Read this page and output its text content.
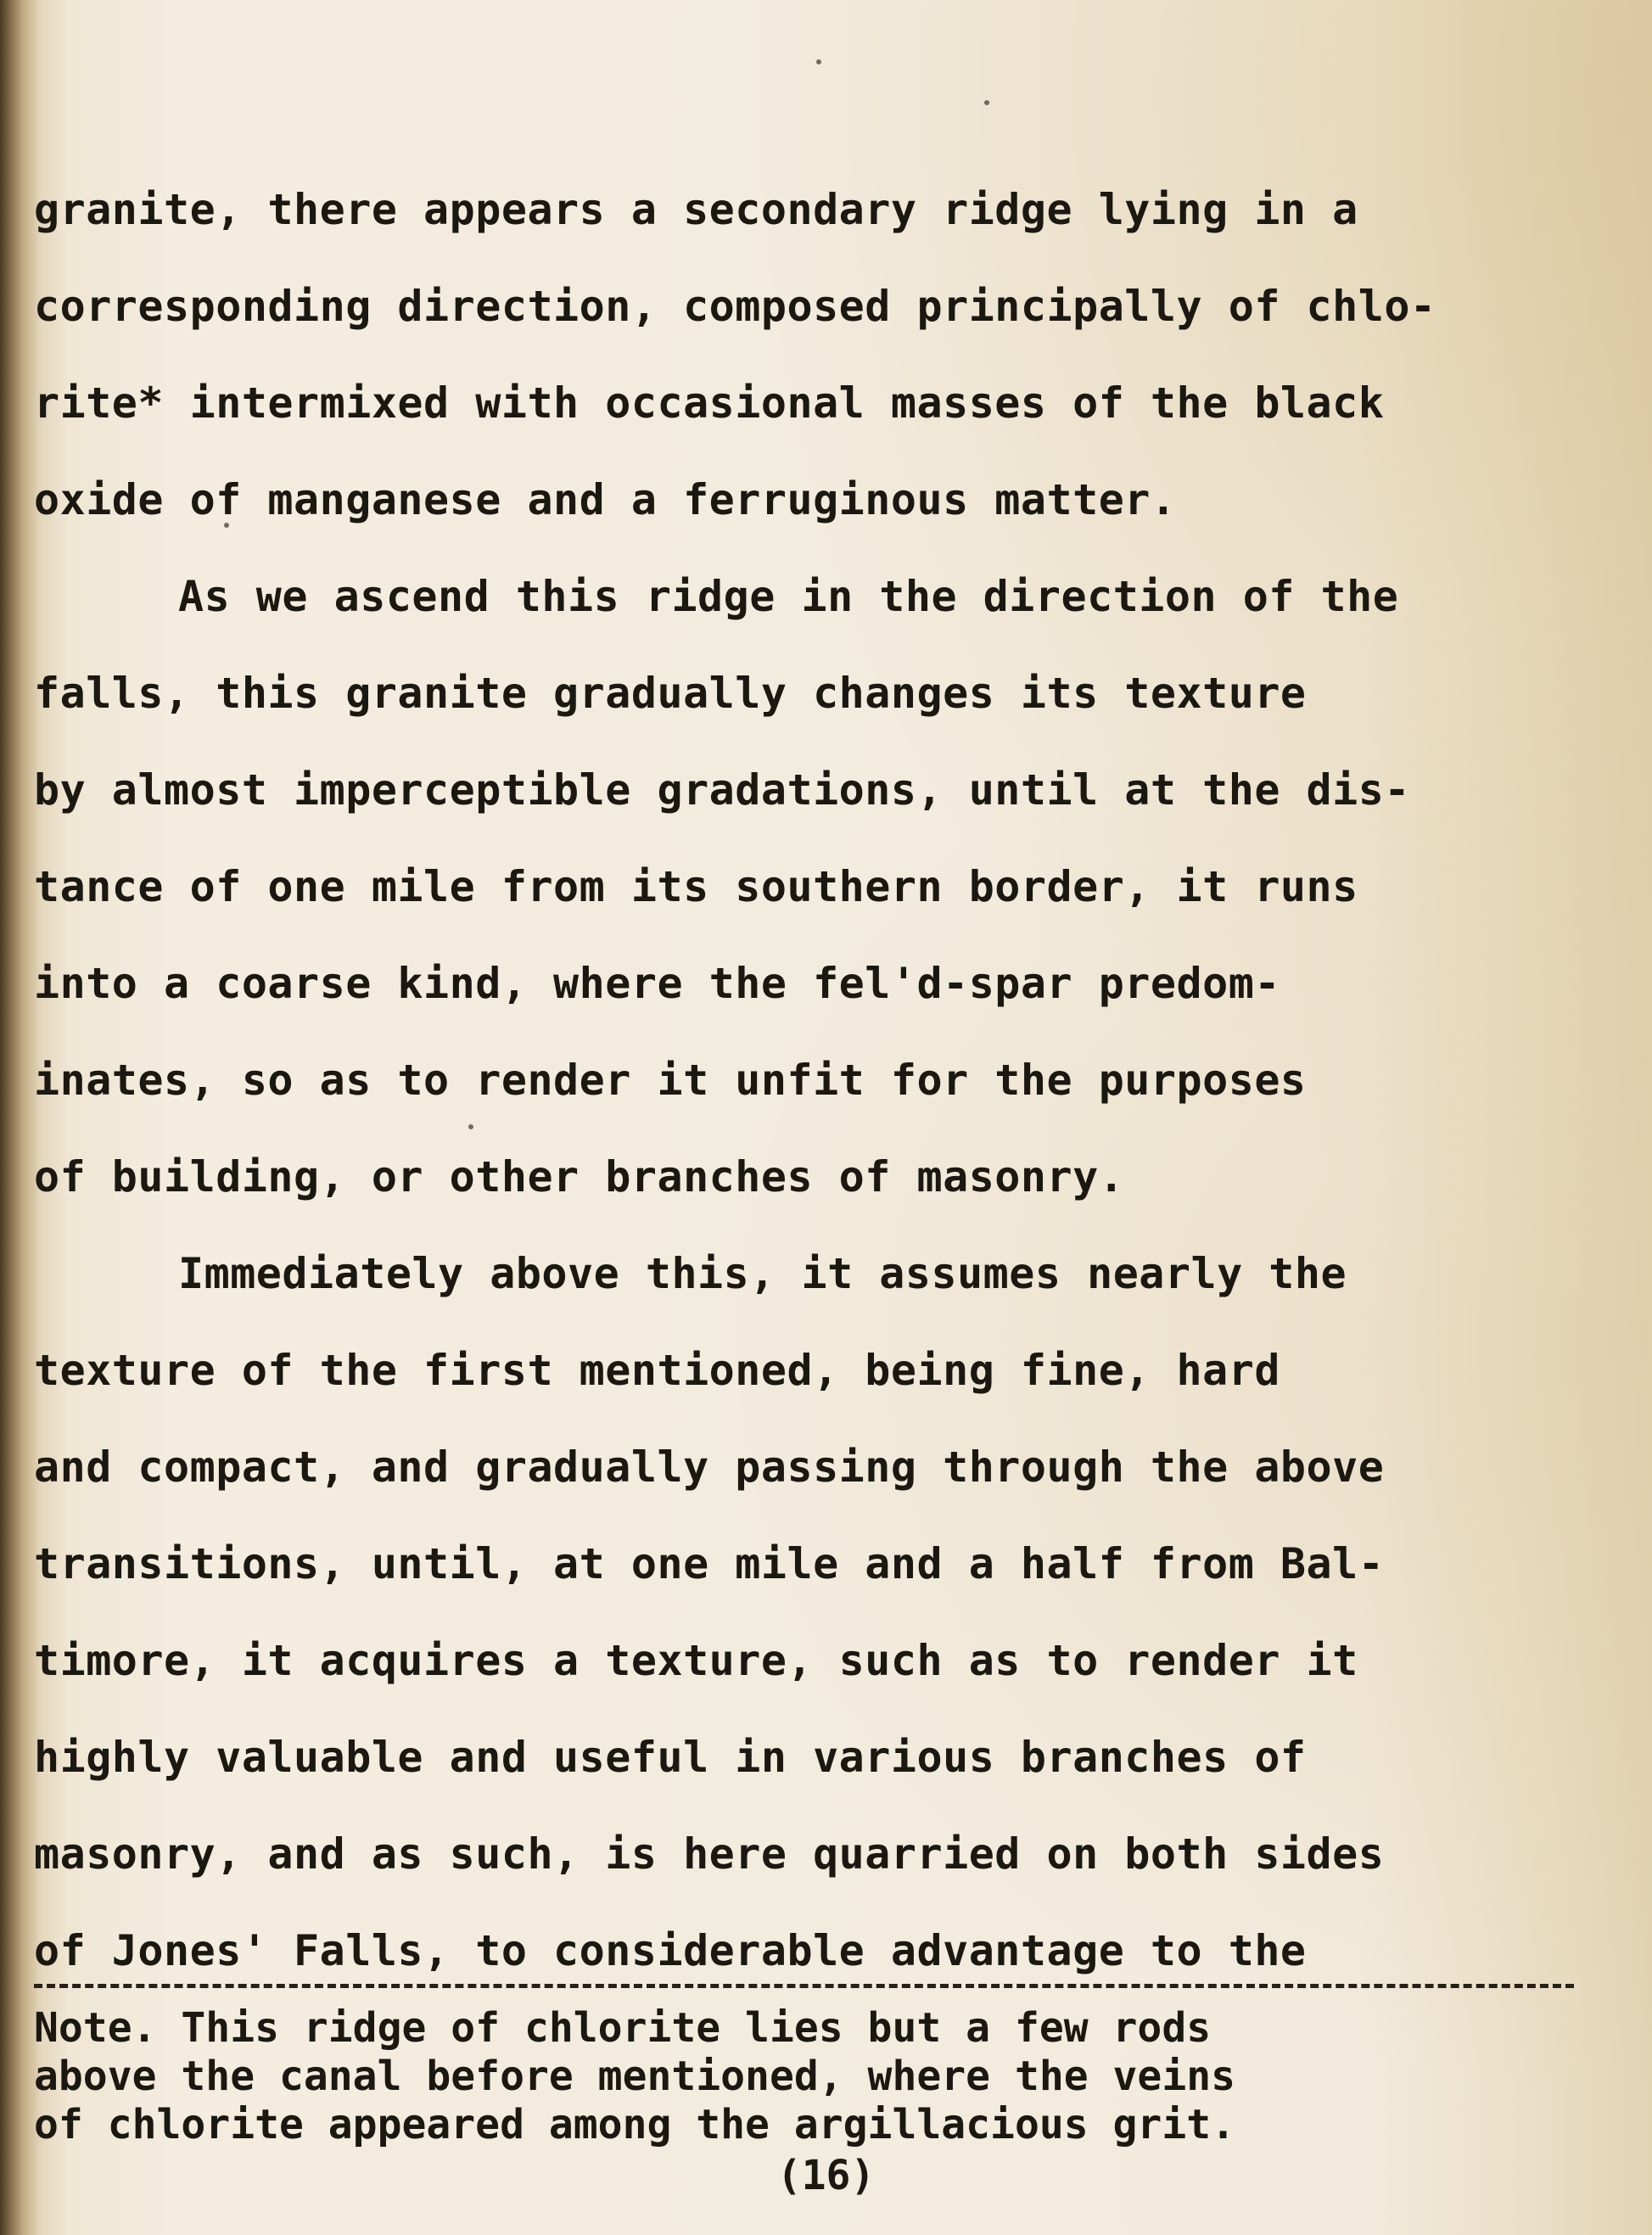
granite, there appears a secondary ridge lying in a
corresponding direction, composed principally of chlo-
rite* intermixed with occasional masses of the black
oxide of manganese and a ferruginous matter.
As we ascend this ridge in the direction of the
falls, this granite gradually changes its texture
by almost imperceptible gradations, until at the dis-
tance of one mile from its southern border, it runs
into a coarse kind, where the fel'd-spar predom-
inates, so as to render it unfit for the purposes
of building, or other branches of masonry.
Immediately above this, it assumes nearly the
texture of the first mentioned, being fine, hard
and compact, and gradually passing through the above
transitions, until, at one mile and a half from Bal-
timore, it acquires a texture, such as to render it
highly valuable and useful in various branches of
masonry, and as such, is here quarried on both sides
of Jones' Falls, to considerable advantage to the
Note. This ridge of chlorite lies but a few rods
above the canal before mentioned, where the veins
of chlorite appeared among the argillacious grit.
(16)
